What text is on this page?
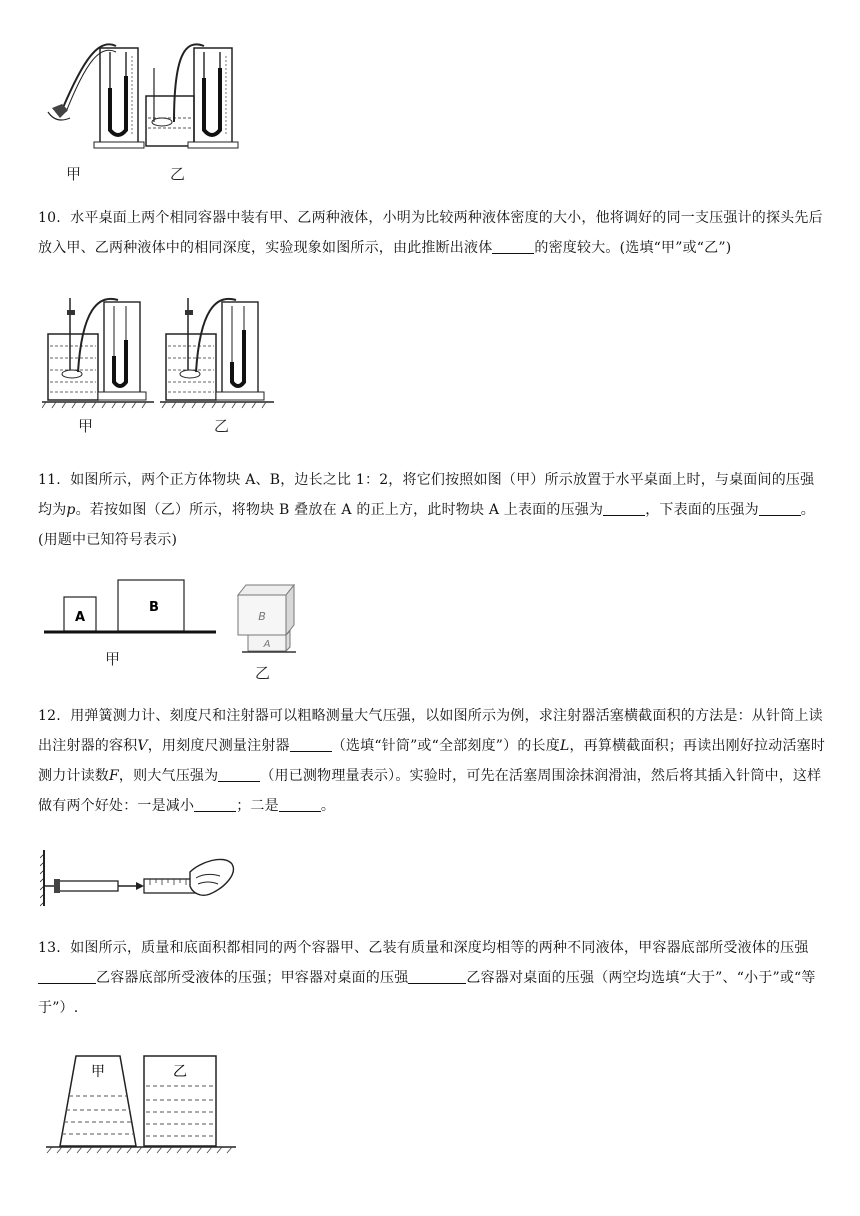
甲	乙

10. 水平桌面上两个相同容器中装有甲、乙两种液体，小明为比较两种液体密度的大小，他将调好的同一支压强计的探头先后放入甲、乙两种液体中的相同深度，实验现象如图所示，由此推断出液体	的密度较大。(选填“甲”或“乙”)

甲	乙

11. 如图所示，两个正方体物块 A、B，边长之比 1：2，将它们按照如图（甲）所示放置于水平桌面上时，与桌面间的压强均为p。若按如图（乙）所示，将物块 B 叠放在 A 的正上方，此时物块 A 上表面的压强为	，下表面的压强为	。(用题中已知符号表示)

A
B
B
A
甲
乙

12. 用弹簧测力计、刻度尺和注射器可以粗略测量大气压强，以如图所示为例，求注射器活塞横截面积的方法是：从针筒上读出注射器的容积V，用刻度尺测量注射器	（选填“针筒”或“全部刻度”）的长度L，再算横截面积；再读出刚好拉动活塞时测力计读数F，则大气压强为	（用已测物理量表示）。实验时，可先在活塞周围涂抹润滑油，然后将其插入针筒中，这样做有两个好处：一是减小	；二是	。

13. 如图所示，质量和底面积都相同的两个容器甲、乙装有质量和深度均相等的两种不同液体，甲容器底部所受液体的压强乙容器底部所受液体的压强；甲容器对桌面的压强	乙容器对桌面的压强（两空均选填“大于”、“小于”或“等于”）.

甲	乙
